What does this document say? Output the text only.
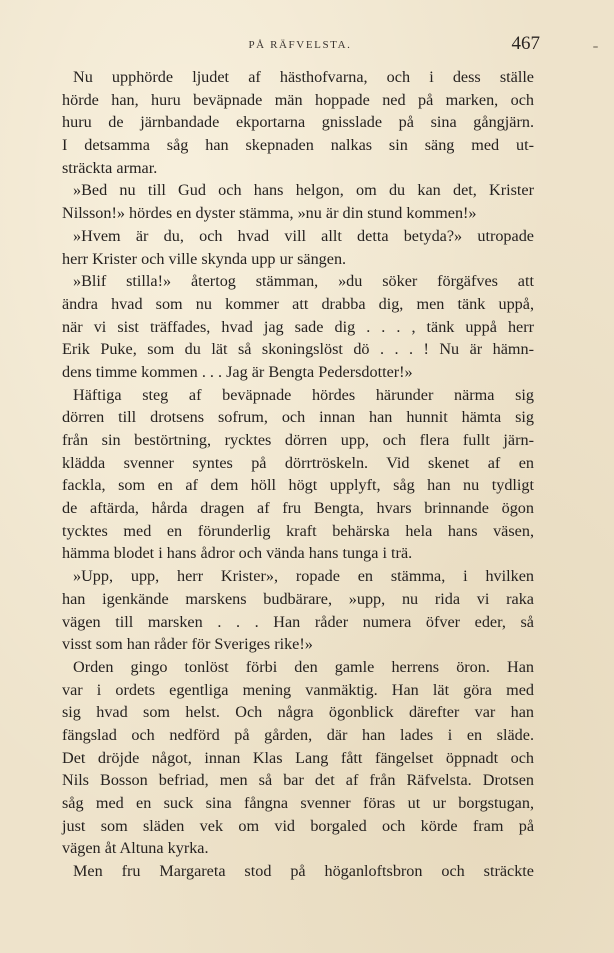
PÅ RÄFVELSTA.	467
Nu upphörde ljudet af hästhofvarna, och i dess ställe
hörde han, huru beväpnade män hoppade ned på marken, och
huru de järnbandade ekportarna gnisslade på sina gångjärn.
I detsamma såg han skepnaden nalkas sin säng med ut-
sträckta armar.
»Bed nu till Gud och hans helgon, om du kan det, Krister
Nilsson!» hördes en dyster stämma, »nu är din stund kommen!»
»Hvem är du, och hvad vill allt detta betyda?» utropade
herr Krister och ville skynda upp ur sängen.
»Blif stilla!» återtog stämman, »du söker förgäfves att
ändra hvad som nu kommer att drabba dig, men tänk uppå,
när vi sist träffades, hvad jag sade dig . . . , tänk uppå herr
Erik Puke, som du lät så skoningslöst dö . . . ! Nu är hämn-
dens timme kommen . . . Jag är Bengta Pedersdotter!»
Häftiga steg af beväpnade hördes härunder närma sig
dörren till drotsens sofrum, och innan han hunnit hämta sig
från sin bestörtning, rycktes dörren upp, och flera fullt järn-
klädda svenner syntes på dörrtröskeln. Vid skenet af en
fackla, som en af dem höll högt upplyft, såg han nu tydligt
de aftärda, hårda dragen af fru Bengta, hvars brinnande ögon
tycktes med en förunderlig kraft behärska hela hans väsen,
hämma blodet i hans ådror och vända hans tunga i trä.
»Upp, upp, herr Krister», ropade en stämma, i hvilken
han igenkände marskens budbärare, »upp, nu rida vi raka
vägen till marsken . . . Han råder numera öfver eder, så
visst som han råder för Sveriges rike!»
Orden gingo tonlöst förbi den gamle herrens öron. Han
var i ordets egentliga mening vanmäktig. Han lät göra med
sig hvad som helst. Och några ögonblick därefter var han
fängslad och nedförd på gården, där han lades i en släde.
Det dröjde något, innan Klas Lang fått fängelset öppnadt och
Nils Bosson befriad, men så bar det af från Räfvelsta. Drotsen
såg med en suck sina fångna svenner föras ut ur borgstugan,
just som släden vek om vid borgaled och körde fram på
vägen åt Altuna kyrka.
Men fru Margareta stod på höganloftsbron och sträckte
